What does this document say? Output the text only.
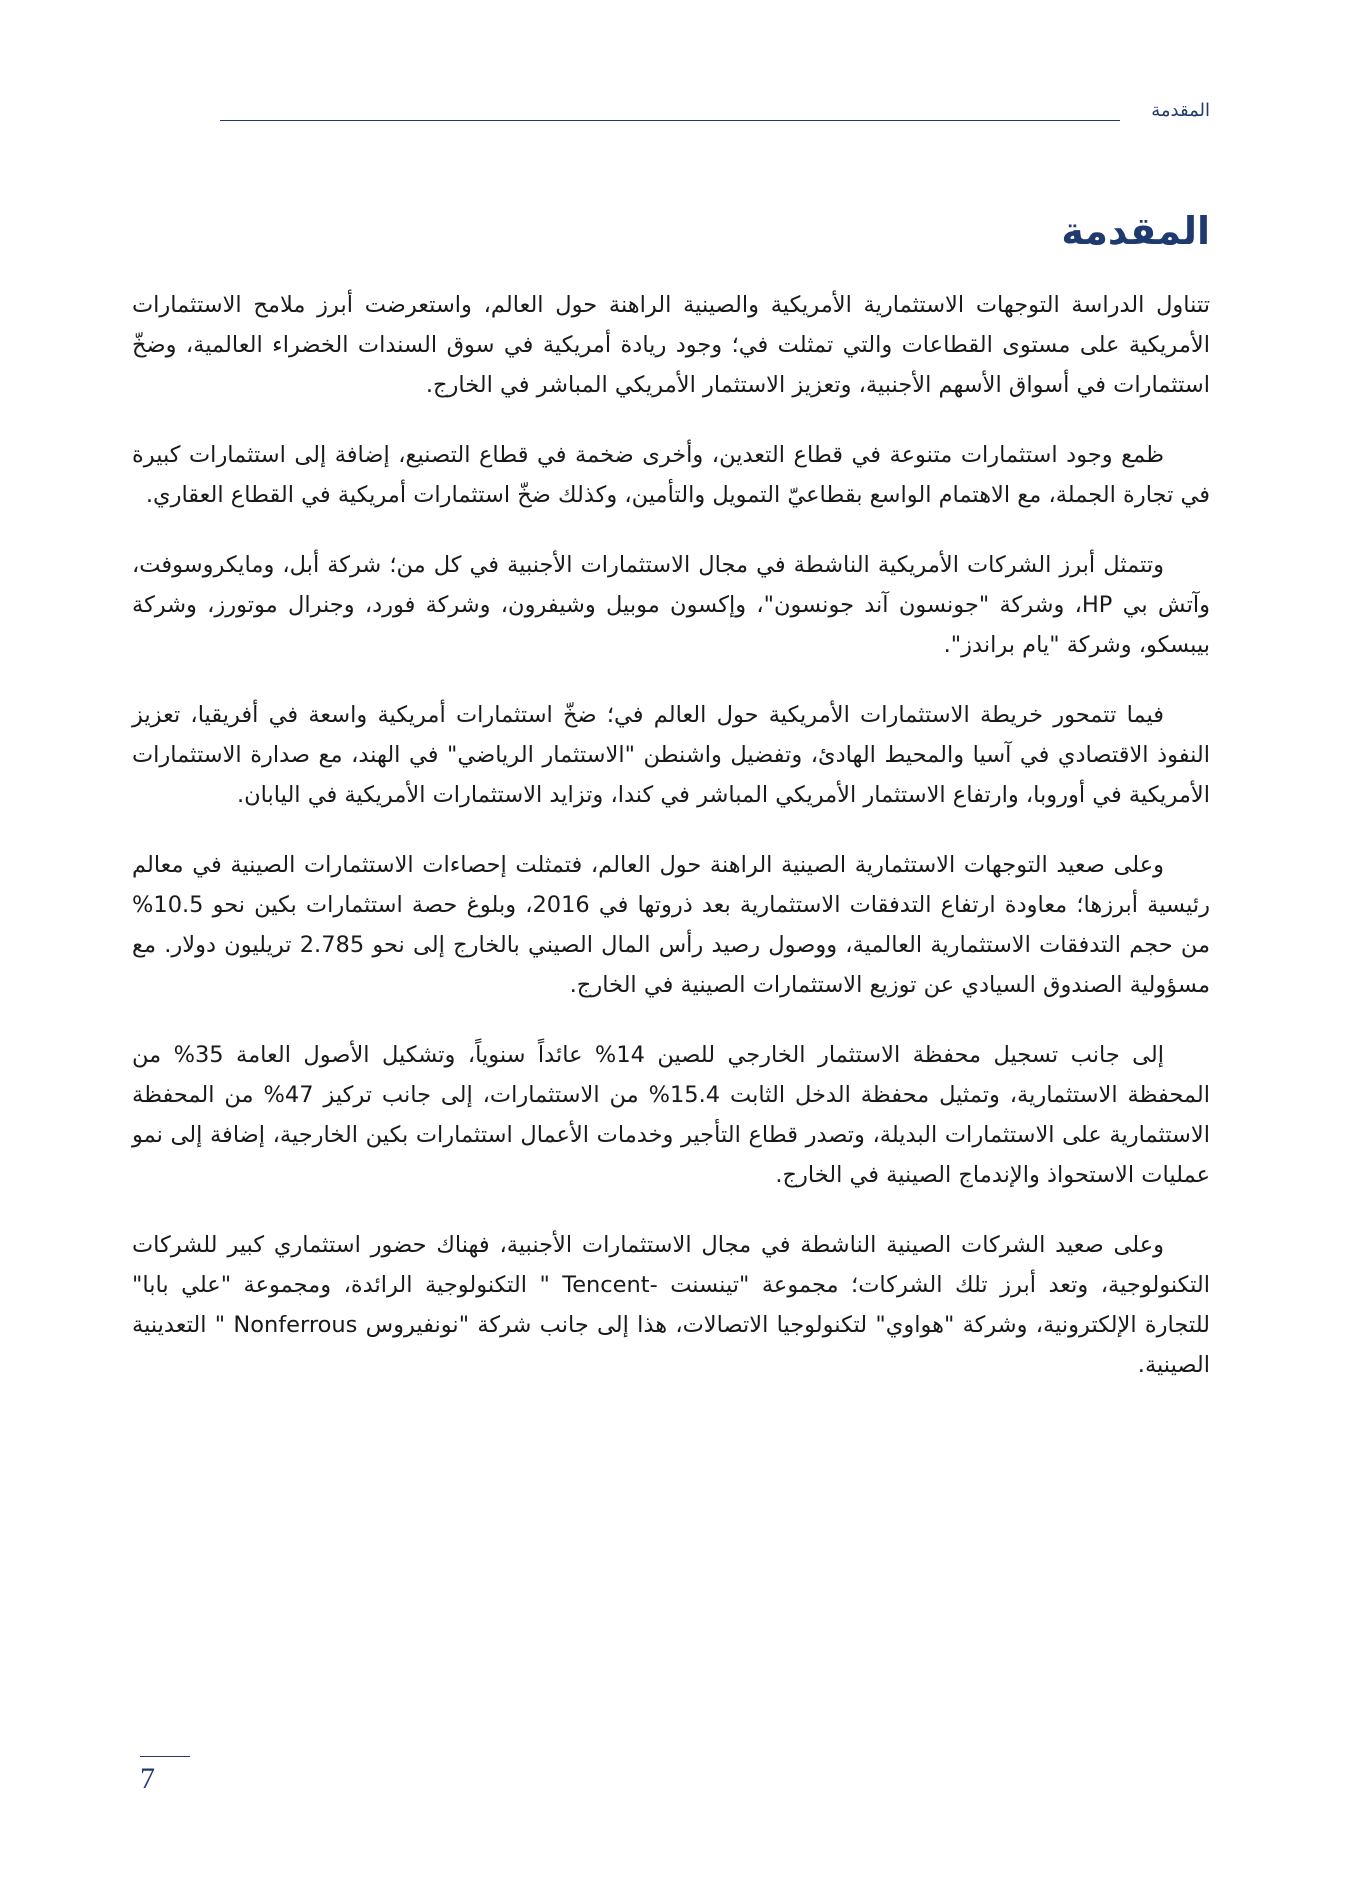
المقدمة
المقدمة

تتناول الدراسة التوجهات الاستثمارية الأمريكية والصينية الراهنة حول العالم، واستعرضت أبرز ملامح الاستثمارات الأمريكية على مستوى القطاعات والتي تمثلت في؛ وجود ريادة أمريكية في سوق السندات الخضراء العالمية، وضخّ استثمارات في أسواق الأسهم الأجنبية، وتعزيز الاستثمار الأمريكي المباشر في الخارج.

ظمع وجود استثمارات متنوعة في قطاع التعدين، وأخرى ضخمة في قطاع التصنيع، إضافة إلى استثمارات كبيرة في تجارة الجملة، مع الاهتمام الواسع بقطاعيّ التمويل والتأمين، وكذلك ضخّ استثمارات أمريكية في القطاع العقاري.

وتتمثل أبرز الشركات الأمريكية الناشطة في مجال الاستثمارات الأجنبية في كل من؛ شركة أبل، ومايكروسوفت، وآتش بي HP، وشركة "جونسون آند جونسون"، وإكسون موبيل وشيفرون، وشركة فورد، وجنرال موتورز، وشركة بيبسكو، وشركة "يام براندز".

فيما تتمحور خريطة الاستثمارات الأمريكية حول العالم في؛ ضخّ استثمارات أمريكية واسعة في أفريقيا، تعزيز النفوذ الاقتصادي في آسيا والمحيط الهادئ، وتفضيل واشنطن "الاستثمار الرياضي" في الهند، مع صدارة الاستثمارات الأمريكية في أوروبا، وارتفاع الاستثمار الأمريكي المباشر في كندا، وتزايد الاستثمارات الأمريكية في اليابان.

وعلى صعيد التوجهات الاستثمارية الصينية الراهنة حول العالم، فتمثلت إحصاءات الاستثمارات الصينية في معالم رئيسية أبرزها؛ معاودة ارتفاع التدفقات الاستثمارية بعد ذروتها في 2016، وبلوغ حصة استثمارات بكين نحو 10.5% من حجم التدفقات الاستثمارية العالمية، ووصول رصيد رأس المال الصيني بالخارج إلى نحو 2.785 تريليون دولار. مع مسؤولية الصندوق السيادي عن توزيع الاستثمارات الصينية في الخارج.

إلى جانب تسجيل محفظة الاستثمار الخارجي للصين 14% عائداً سنوياً، وتشكيل الأصول العامة 35% من المحفظة الاستثمارية، وتمثيل محفظة الدخل الثابت 15.4% من الاستثمارات، إلى جانب تركيز 47% من المحفظة الاستثمارية على الاستثمارات البديلة، وتصدر قطاع التأجير وخدمات الأعمال استثمارات بكين الخارجية، إضافة إلى نمو عمليات الاستحواذ والإندماج الصينية في الخارج.

وعلى صعيد الشركات الصينية الناشطة في مجال الاستثمارات الأجنبية، فهناك حضور استثماري كبير للشركات التكنولوجية، وتعد أبرز تلك الشركات؛ مجموعة "تينسنت -Tencent " التكنولوجية الرائدة، ومجموعة "علي بابا" للتجارة الإلكترونية، وشركة "هواوي" لتكنولوجيا الاتصالات، هذا إلى جانب شركة "نونفيروس Nonferrous " التعدينية الصينية.

7
